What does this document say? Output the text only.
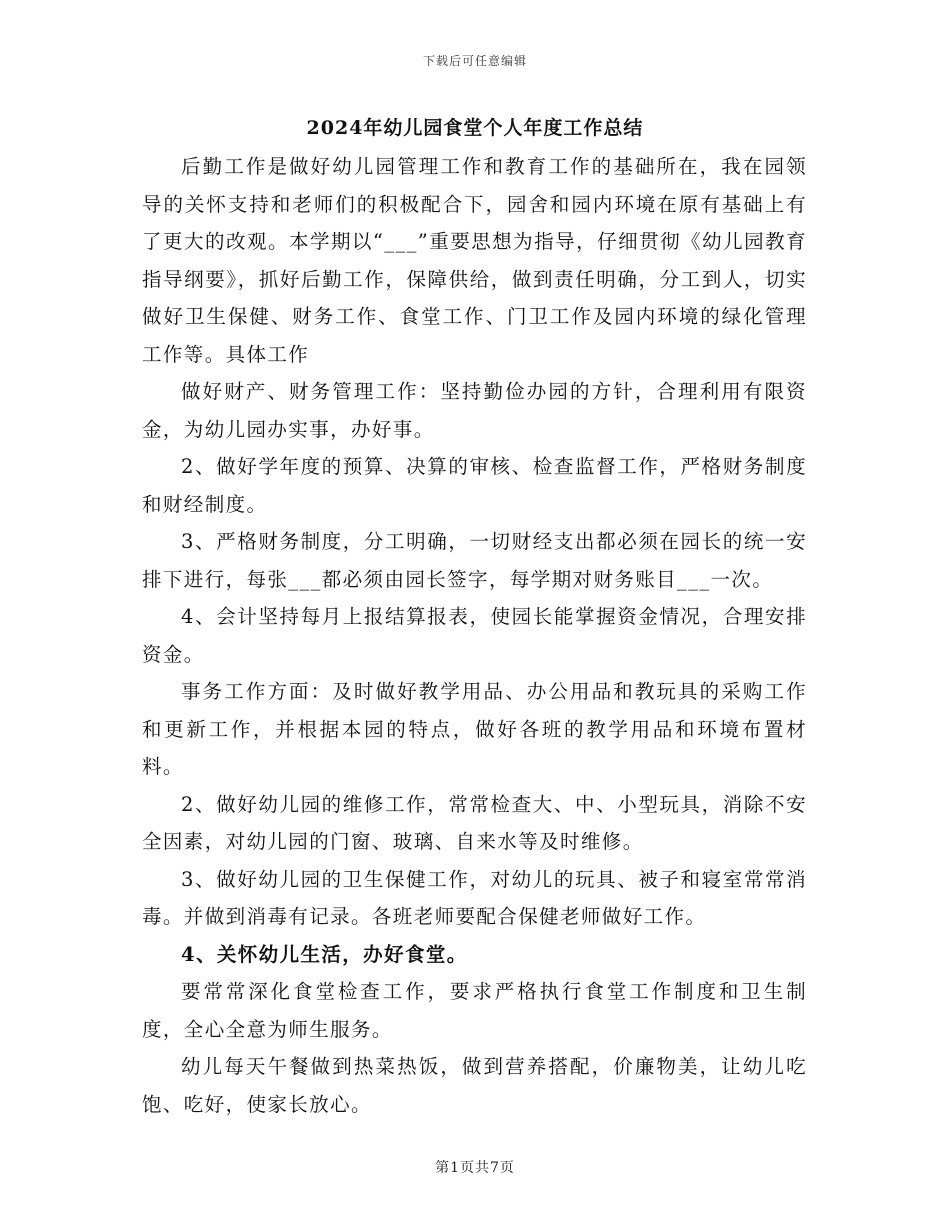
下载后可任意编辑
2024年幼儿园食堂个人年度工作总结

后勤工作是做好幼儿园管理工作和教育工作的基础所在，我在园领导的关怀支持和老师们的积极配合下，园舍和园内环境在原有基础上有了更大的改观。本学期以“___”重要思想为指导，仔细贯彻《幼儿园教育指导纲要》，抓好后勤工作，保障供给，做到责任明确，分工到人，切实做好卫生保健、财务工作、食堂工作、门卫工作及园内环境的绿化管理工作等。具体工作

做好财产、财务管理工作：坚持勤俭办园的方针，合理利用有限资金，为幼儿园办实事，办好事。

2、做好学年度的预算、决算的审核、检查监督工作，严格财务制度和财经制度。

3、严格财务制度，分工明确，一切财经支出都必须在园长的统一安排下进行，每张___都必须由园长签字，每学期对财务账目___一次。

4、会计坚持每月上报结算报表，使园长能掌握资金情况，合理安排资金。

事务工作方面：及时做好教学用品、办公用品和教玩具的采购工作和更新工作，并根据本园的特点，做好各班的教学用品和环境布置材料。

2、做好幼儿园的维修工作，常常检查大、中、小型玩具，消除不安全因素，对幼儿园的门窗、玻璃、自来水等及时维修。

3、做好幼儿园的卫生保健工作，对幼儿的玩具、被子和寝室常常消毒。并做到消毒有记录。各班老师要配合保健老师做好工作。

4、关怀幼儿生活，办好食堂。

要常常深化食堂检查工作，要求严格执行食堂工作制度和卫生制度，全心全意为师生服务。

幼儿每天午餐做到热菜热饭，做到营养搭配，价廉物美，让幼儿吃饱、吃好，使家长放心。

第1页共7页
